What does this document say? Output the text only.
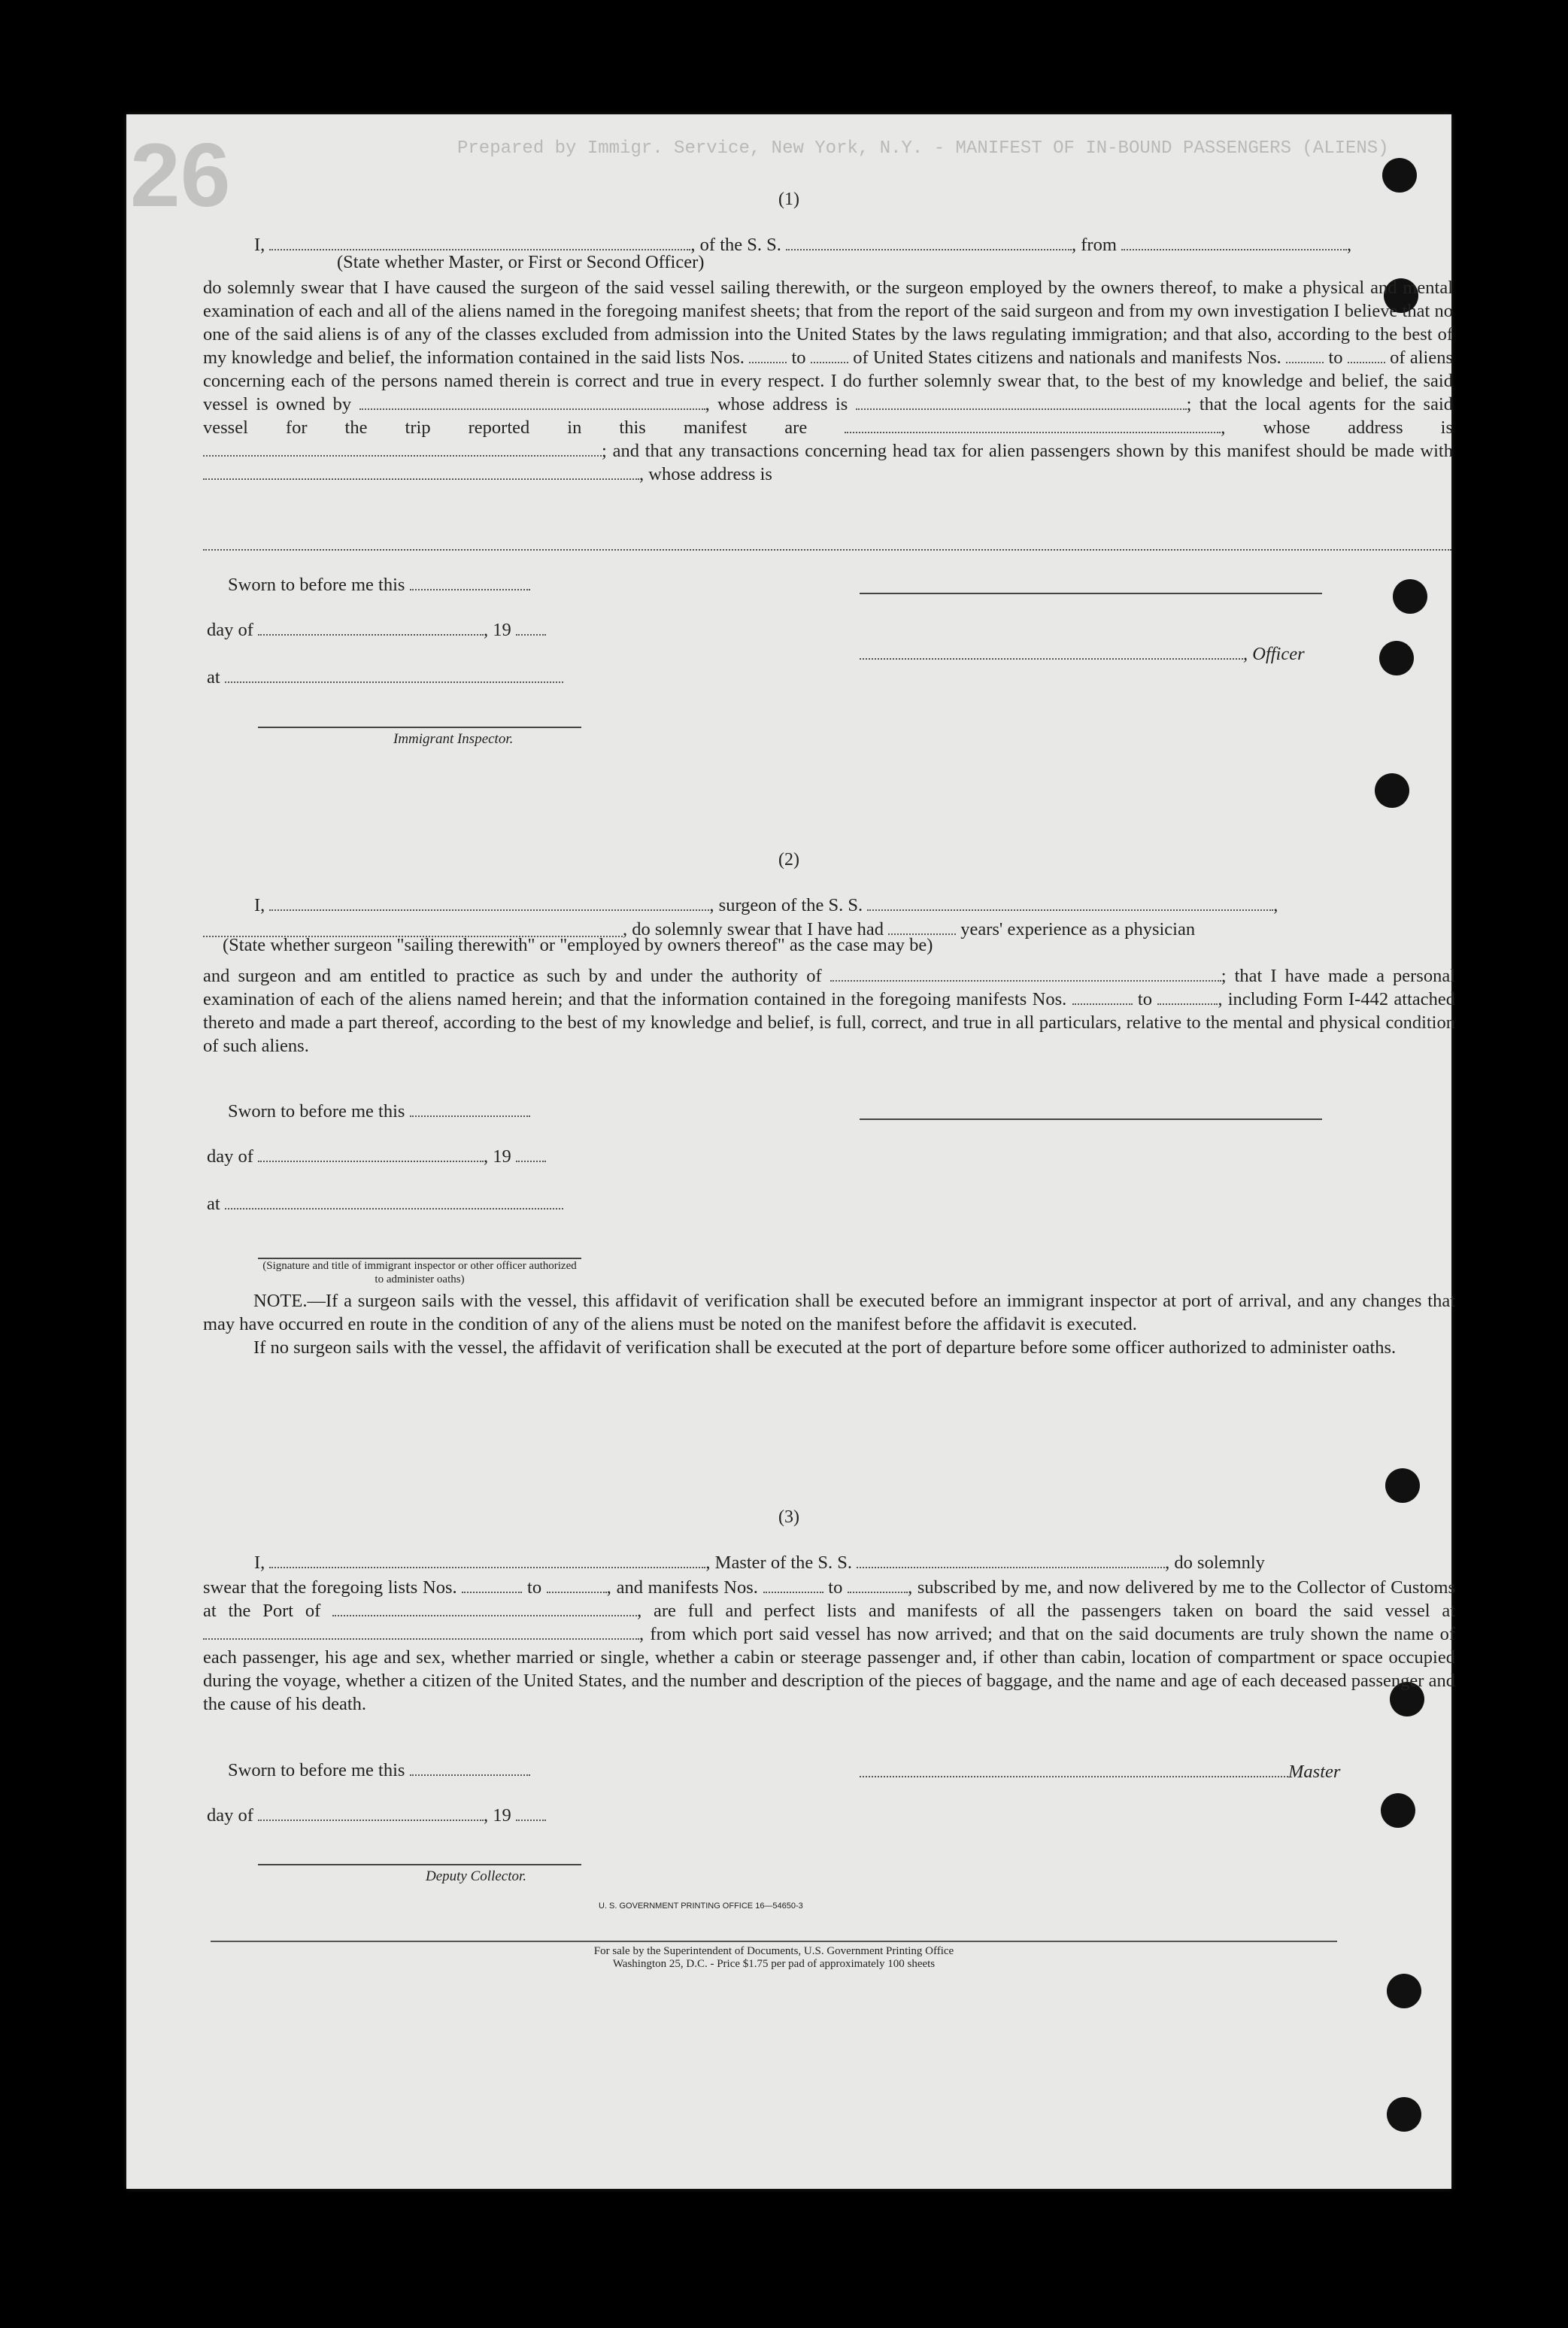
26	Prepared by Immigr. Service, New York, N.Y. - MANIFEST OF IN-BOUND PASSENGERS (ALIENS)

(1)

I,	, of the S. S.	, from	,
(State whether Master, or First or Second Officer)

do solemnly swear that I have caused the surgeon of the said vessel sailing therewith, or the surgeon employed by the owners thereof, to make a physical and mental examination of each and all of the aliens named in the foregoing manifest sheets; that from the report of the said surgeon and from my own investigation I believe that no one of the said aliens is of any of the classes excluded from admission into the United States by the laws regulating immigration; and that also, according to the best of my knowledge and belief, the information contained in the said lists Nos.	to	of United States citizens and nationals and manifests Nos.	to	of aliens concerning each of the persons named therein is correct and true in every respect. I do further solemnly swear that, to the best of my knowledge and belief, the said vessel is owned by	, whose address is	; that the local agents for the said vessel for the trip reported in this manifest are	, whose address is ; and that any transactions concerning head tax for alien passengers shown by this manifest should be made with , whose address is

Sworn to before me this
day of	, 19
, Officer
at
Immigrant Inspector.

(2)

I,	, surgeon of the S. S.	,
, do solemnly swear that I have had	years' experience as a physician
(State whether surgeon "sailing therewith" or "employed by owners thereof" as the case may be)

and surgeon and am entitled to practice as such by and under the authority of	; that I have made a personal examination of each of the aliens named herein; and that the information contained in the foregoing manifests Nos.	to	, including Form I-442 attached thereto and made a part thereof, according to the best of my knowledge and belief, is full, correct, and true in all particulars, relative to the mental and physical condition of such aliens.

Sworn to before me this
day of	, 19
at
(Signature and title of immigrant inspector or other officer authorized to administer oaths)

NOTE.—If a surgeon sails with the vessel, this affidavit of verification shall be executed before an immigrant inspector at port of arrival, and any changes that may have occurred en route in the condition of any of the aliens must be noted on the manifest before the affidavit is executed.

If no surgeon sails with the vessel, the affidavit of verification shall be executed at the port of departure before some officer authorized to administer oaths.

(3)

I,	, Master of the S. S.	, do solemnly

swear that the foregoing lists Nos.	to	, and manifests Nos.	to	, subscribed by me, and now delivered by me to the Collector of Customs at the Port of	, are full and perfect lists and manifests of all the passengers taken on board the said vessel at , from which port said vessel has now arrived; and that on the said documents are truly shown the name of each passenger, his age and sex, whether married or single, whether a cabin or steerage passenger and, if other than cabin, location of compartment or space occupied during the voyage, whether a citizen of the United States, and the number and description of the pieces of baggage, and the name and age of each deceased passenger and the cause of his death.

Sworn to before me this	Master
day of	, 19
Deputy Collector.
U. S. GOVERNMENT PRINTING OFFICE 16—54650-3
For sale by the Superintendent of Documents, U.S. Government Printing Office
Washington 25, D.C. - Price $1.75 per pad of approximately 100 sheets
